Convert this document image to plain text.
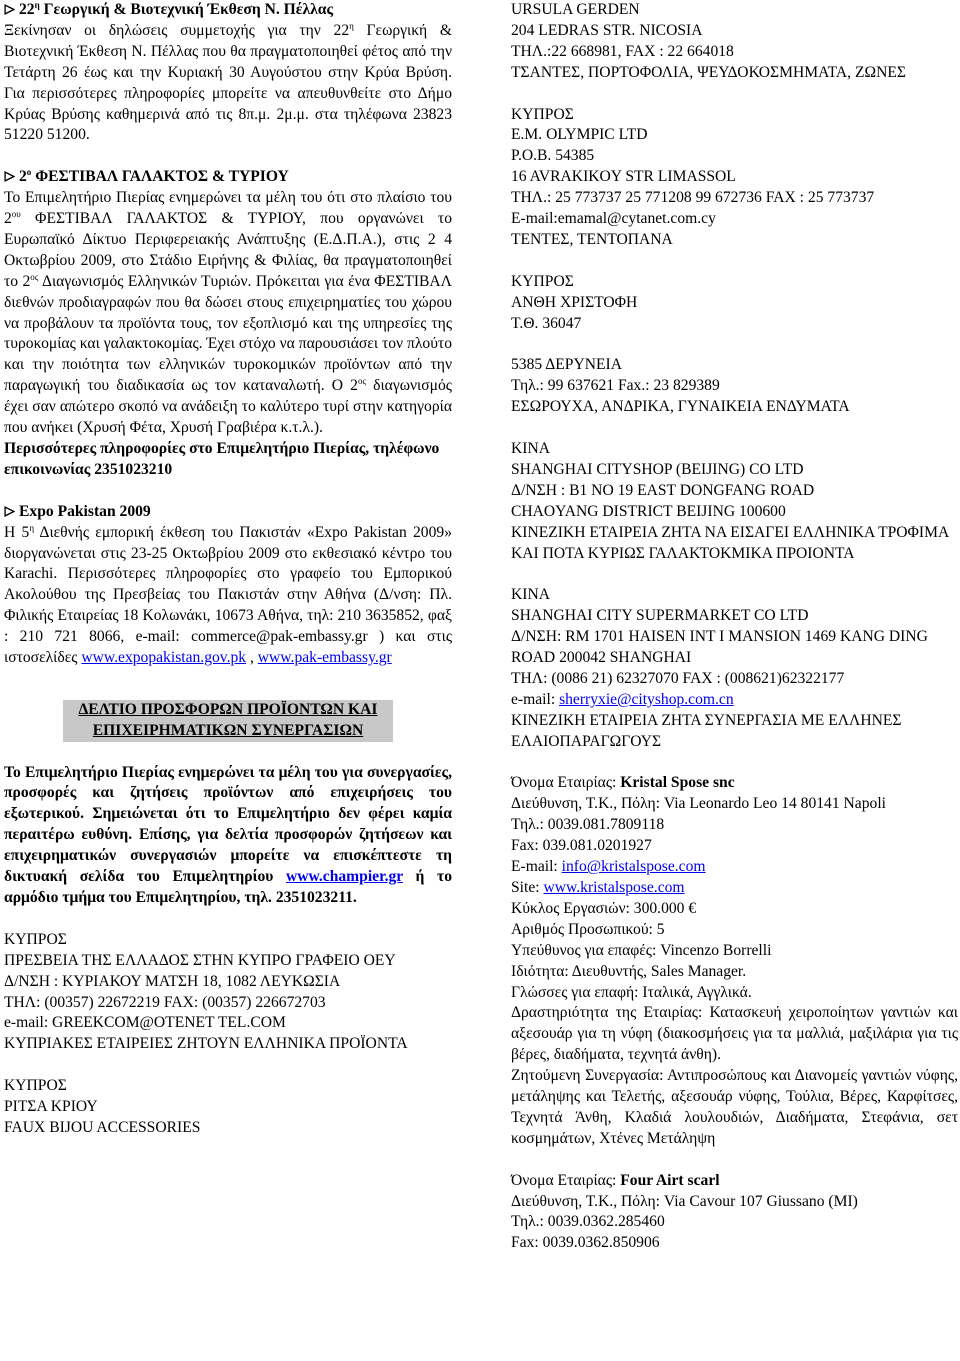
$22^\eta$ Γεωργική & Βιοτεχνική Έκθεση Ν. Πέλλας

Ξεκίνησαν οι δηλώσεις συμμετοχής για την $22^\eta$ Γεωργική & Βιοτεχνική Έκθεση Ν. Πέλλας που θα πραγματοποιηθεί φέτος από την Τετάρτη 26 έως και την Κυριακή 30 Αυγούστου στην Κρύα Βρύση. Για περισσότερες πληροφορίες μπορείτε να απευθυνθείτε στο Δήμο Κρύας Βρύσης καθημερινά από τις 8π.μ. 2μ.μ. στα τηλέφωνα 23823 51220 51200.

$2^o$ ΦΕΣΤΙΒΑΛ ΓΑΛΑΚΤΟΣ & ΤΥΡΙΟΥ

Το Επιμελητήριο Πιερίας ενημερώνει τα μέλη του ότι στο πλαίσιο του $2^{o\upsilon}$ ΦΕΣΤΙΒΑΛ ΓΑΛΑΚΤΟΣ & ΤΥΡΙΟΥ, που οργανώνει το Ευρωπαϊκό Δίκτυο Περιφερειακής Ανάπτυξης (Ε.Δ.Π.Α.), στις 2 4 Οκτωβρίου 2009, στο Στάδιο Ειρήνης & Φιλίας, θα πραγματοποιηθεί το $2^{o\varsigma}$ Διαγωνισμός Ελληνικών Τυριών. Πρόκειται για ένα ΦΕΣΤΙΒΑΛ διεθνών προδιαγραφών που θα δώσει στους επιχειρηματίες του χώρου να προβάλουν τα προϊόντα τους, τον εξοπλισμό και της υπηρεσίες της τυροκομίας και γαλακτοκομίας. Έχει στόχο να παρουσιάσει τον πλούτο και την ποιότητα των ελληνικών τυροκομικών προϊόντων από την παραγωγική του διαδικασία ως τον καταναλωτή. Ο $2^{o\varsigma}$ διαγωνισμός έχει σαν απώτερο σκοπό να ανάδειξη το καλύτερο τυρί στην κατηγορία που ανήκει (Χρυσή Φέτα, Χρυσή Γραβιέρα κ.τ.λ.).

Περισσότερες πληροφορίες στο Επιμελητήριο Πιερίας, τηλέφωνο επικοινωνίας 2351023210

Expo Pakistan 2009

Η $5^\eta$ Διεθνής εμπορική έκθεση του Πακιστάν «Expo Pakistan 2009» διοργανώνεται στις 23-25 Οκτωβρίου 2009 στο εκθεσιακό κέντρο του Karachi. Περισσότερες πληροφορίες στο γραφείο του Εμπορικού Ακολούθου της Πρεσβείας του Πακιστάν στην Αθήνα (Δ/νση: Πλ. Φιλικής Εταιρείας 18 Κολωνάκι, 10673 Αθήνα, τηλ: 210 3635852, φαξ : 210 721 8066, e-mail: commerce@pak-embassy.gr ) και στις ιστοσελίδες www.expopakistan.gov.pk , www.pak-embassy.gr

ΔΕΛΤΙΟ ΠΡΟΣΦΟΡΩΝ ΠΡΟΪΟΝΤΩΝ ΚΑΙ
ΕΠΙΧΕΙΡΗΜΑΤΙΚΩΝ ΣΥΝΕΡΓΑΣΙΩΝ

Το Επιμελητήριο Πιερίας ενημερώνει τα μέλη του για συνεργασίες, προσφορές και ζητήσεις προϊόντων από επιχειρήσεις του εξωτερικού. Σημειώνεται ότι το Επιμελητήριο δεν φέρει καμία περαιτέρω ευθύνη. Επίσης, για δελτία προσφορών ζητήσεων και επιχειρηματικών συνεργασιών μπορείτε να επισκέπτεστε τη δικτυακή σελίδα του Επιμελητηρίου www.champier.gr ή το αρμόδιο τμήμα του Επιμελητηρίου, τηλ. 2351023211.

ΚΥΠΡΟΣ

ΠΡΕΣΒΕΙΑ ΤΗΣ ΕΛΛΑΔΟΣ ΣΤΗΝ ΚΥΠΡΟ ΓΡΑΦΕΙΟ ΟΕΥ

Δ/ΝΣΗ : ΚΥΡΙΑΚΟΥ ΜΑΤΣΗ 18, 1082 ΛΕΥΚΩΣΙΑ

ΤΗΛ: (00357) 22672219 FAX: (00357) 226672703

e-mail: GREEKCOM@OTENET TEL.COM

ΚΥΠΡΙΑΚΕΣ ΕΤΑΙΡΕΙΕΣ ΖΗΤΟΥΝ ΕΛΛΗΝΙΚΑ ΠΡΟΪΟΝΤΑ

ΚΥΠΡΟΣ

ΡΙΤΣΑ ΚΡΙΟΥ

FAUX BIJOU ACCESSORIES

URSULA GERDEN

204 LEDRAS STR. NICOSIA

ΤΗΛ.:22 668981, FAX : 22 664018

ΤΣΑΝΤΕΣ, ΠΟΡΤΟΦΟΛΙΑ, ΨΕΥΔΟΚΟΣΜΗΜΑΤΑ, ΖΩΝΕΣ

ΚΥΠΡΟΣ

Ε.Μ. OLYMPIC LTD

P.O.B. 54385

16 AVRAKIKOY STR LIMASSOL

ΤΗΛ.: 25 773737 25 771208 99 672736 FAX : 25 773737

E-mail:emamal@cytanet.com.cy

ΤΕΝΤΕΣ, ΤΕΝΤΟΠΑΝΑ

ΚΥΠΡΟΣ

ΑΝΘΗ ΧΡΙΣΤΟΦΗ

Τ.Θ. 36047

5385 ΔΕΡΥΝΕΙΑ

Τηλ.: 99 637621 Fax.: 23 829389

ΕΣΩΡΟΥΧΑ, ΑΝΔΡΙΚΑ, ΓΥΝΑΙΚΕΙΑ ΕΝΔΥΜΑΤΑ

ΚΙΝΑ

SHANGHAI CITYSHOP (BEIJING) CO LTD

Δ/ΝΣΗ : B1 NO 19 EAST DONGFANG ROAD

CHAOYANG DISTRICT BEIJING 100600

ΚΙΝΕΖΙΚΗ ΕΤΑΙΡΕΙΑ ΖΗΤΑ ΝΑ ΕΙΣΑΓΕΙ ΕΛΛΗΝΙΚΑ ΤΡΟΦΙΜΑ

ΚΑΙ ΠΟΤΑ ΚΥΡΙΩΣ ΓΑΛΑΚΤΟΚΜΙΚΑ ΠΡΟΙΟΝΤΑ

ΚΙΝΑ

SHANGHAI CITY SUPERMARKET CO LTD

Δ/ΝΣΗ: RM 1701 HAISEN INT I MANSION 1469 KANG DING ROAD 200042 SHANGHAI

ΤΗΛ: (0086 21) 62327070 FAX : (008621)62322177

e-mail: sherryxie@cityshop.com.cn

ΚΙΝΕΖΙΚΗ ΕΤΑΙΡΕΙΑ ΖΗΤΑ ΣΥΝΕΡΓΑΣΙΑ ΜΕ ΕΛΛΗΝΕΣ ΕΛΑΙΟΠΑΡΑΓΩΓΟΥΣ

Όνομα Εταιρίας: Kristal Spose snc

Διεύθυνση, Τ.Κ., Πόλη: Via Leonardo Leo 14 80141 Napoli

Τηλ.: 0039.081.7809118

Fax: 039.081.0201927

E-mail: info@kristalspose.com

Site: www.kristalspose.com

Κύκλος Εργασιών: 300.000 €

Αριθμός Προσωπικού: 5

Υπεύθυνος για επαφές: Vincenzo Borrelli

Ιδιότητα: Διευθυντής, Sales Manager.

Γλώσσες για επαφή: Ιταλικά, Αγγλικά.

Δραστηριότητα της Εταιρίας: Κατασκευή χειροποίητων γαντιών και αξεσουάρ για τη νύφη (διακοσμήσεις για τα μαλλιά, μαξιλάρια για τις βέρες, διαδήματα, τεχνητά άνθη).

Ζητούμενη Συνεργασία: Αντιπροσώπους και Διανομείς γαντιών νύφης, μετάληψης και Τελετής, αξεσουάρ νύφης, Τούλια, Βέρες, Καρφίτσες, Τεχνητά Άνθη, Κλαδιά λουλουδιών, Διαδήματα, Στεφάνια, σετ κοσμημάτων, Χτένες Μετάληψη

Όνομα Εταιρίας: Four Airt scarl

Διεύθυνση, Τ.Κ., Πόλη: Via Cavour 107 Giussano (MI)

Τηλ.: 0039.0362.285460

Fax: 0039.0362.850906
